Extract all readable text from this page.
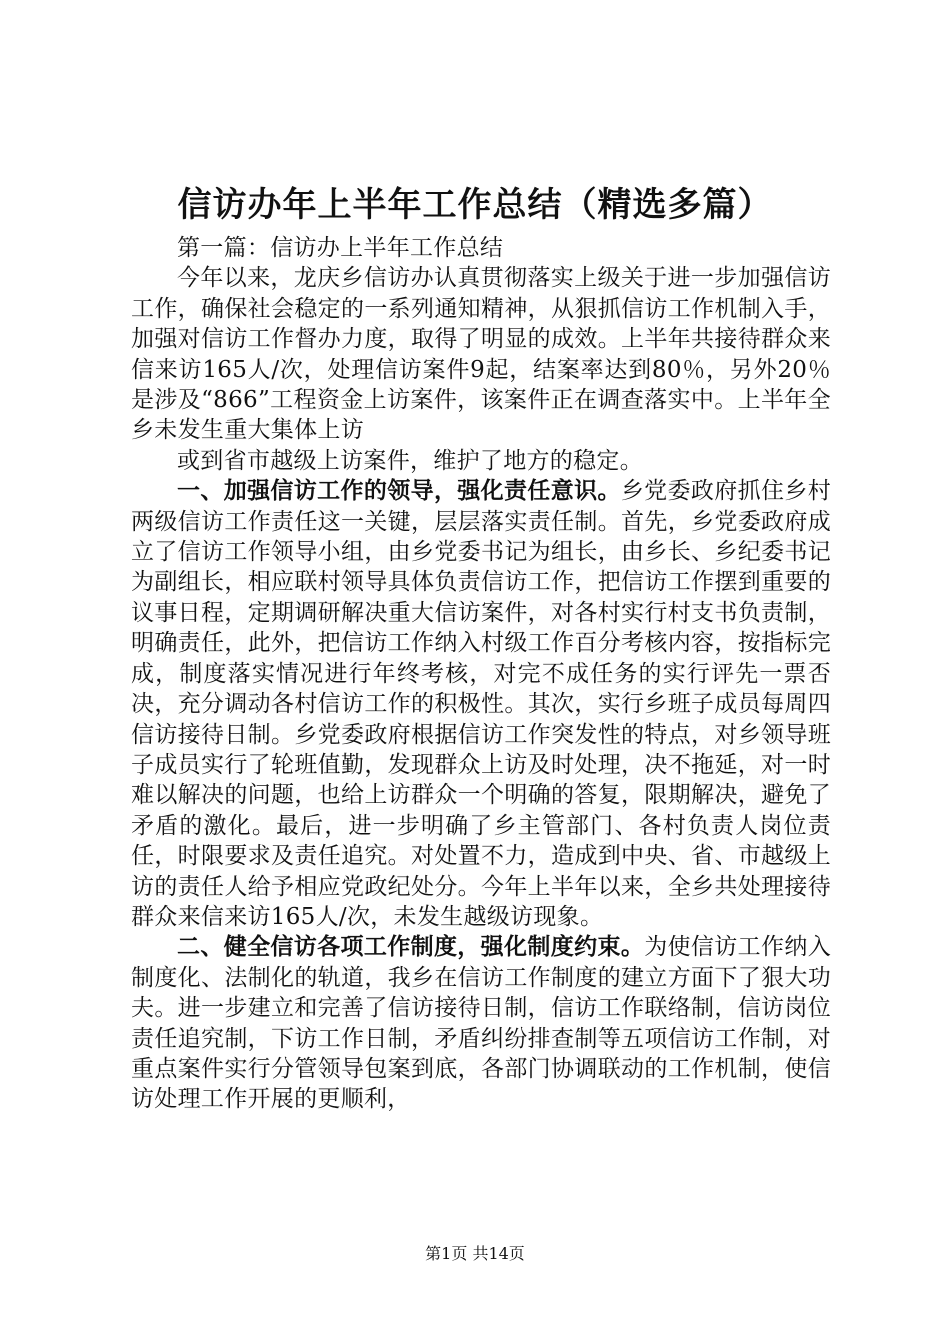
信访办年上半年工作总结（精选多篇）

第一篇：信访办上半年工作总结

今年以来，龙庆乡信访办认真贯彻落实上级关于进一步加强信访工作，确保社会稳定的一系列通知精神，从狠抓信访工作机制入手，加强对信访工作督办力度，取得了明显的成效。上半年共接待群众来信来访165人/次，处理信访案件9起，结案率达到80％，另外20％是涉及“866”工程资金上访案件，该案件正在调查落实中。上半年全乡未发生重大集体上访

或到省市越级上访案件，维护了地方的稳定。

一、加强信访工作的领导，强化责任意识。乡党委政府抓住乡村两级信访工作责任这一关键，层层落实责任制。首先，乡党委政府成立了信访工作领导小组，由乡党委书记为组长，由乡长、乡纪委书记为副组长，相应联村领导具体负责信访工作，把信访工作摆到重要的议事日程，定期调研解决重大信访案件，对各村实行村支书负责制，明确责任，此外，把信访工作纳入村级工作百分考核内容，按指标完成，制度落实情况进行年终考核，对完不成任务的实行评先一票否决，充分调动各村信访工作的积极性。其次，实行乡班子成员每周四信访接待日制。乡党委政府根据信访工作突发性的特点，对乡领导班子成员实行了轮班值勤，发现群众上访及时处理，决不拖延，对一时难以解决的问题，也给上访群众一个明确的答复，限期解决，避免了矛盾的激化。最后，进一步明确了乡主管部门、各村负责人岗位责任，时限要求及责任追究。对处置不力，造成到中央、省、市越级上访的责任人给予相应党政纪处分。今年上半年以来，全乡共处理接待群众来信来访165人/次，未发生越级访现象。

二、健全信访各项工作制度，强化制度约束。为使信访工作纳入制度化、法制化的轨道，我乡在信访工作制度的建立方面下了狠大功夫。进一步建立和完善了信访接待日制，信访工作联络制，信访岗位责任追究制，下访工作日制，矛盾纠纷排查制等五项信访工作制，对重点案件实行分管领导包案到底，各部门协调联动的工作机制，使信访处理工作开展的更顺利，

第1页 共14页
